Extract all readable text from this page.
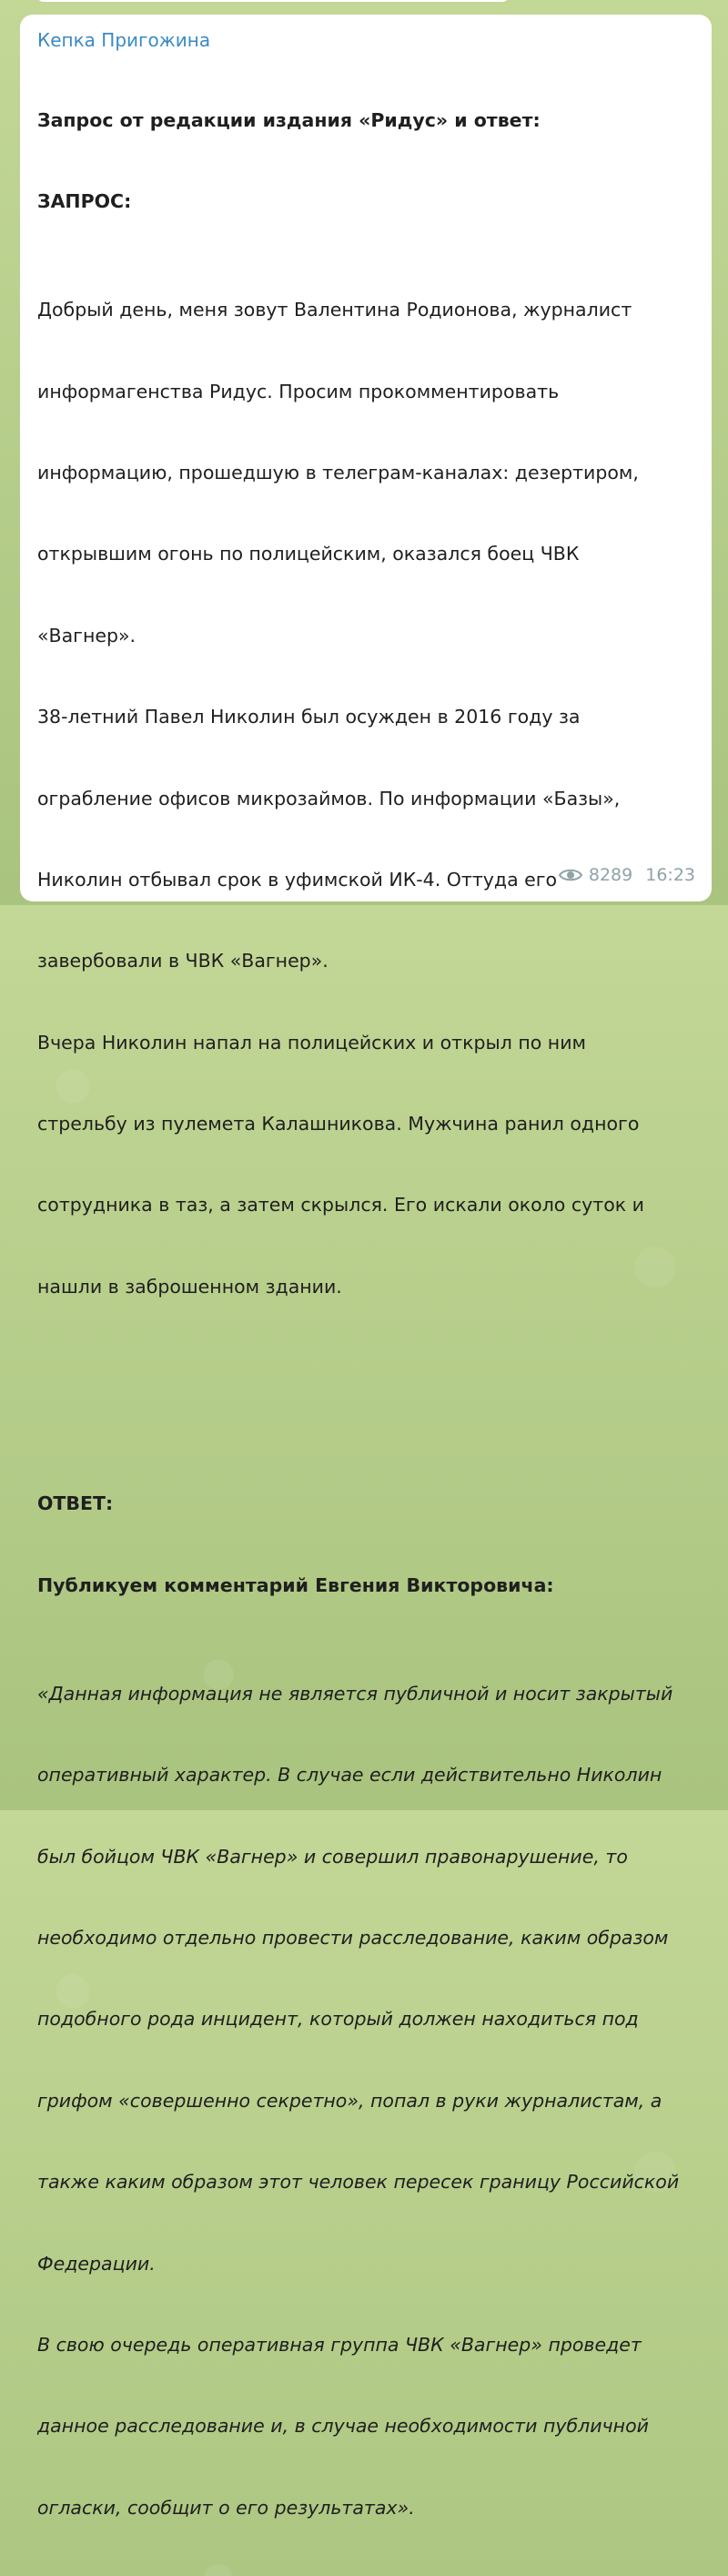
Кепка Пригожина

Запрос от редакции издания «Ридус» и ответ:

ЗАПРОС:

Добрый день, меня зовут Валентина Родионова, журналист

информагенства Ридус. Просим прокомментировать

информацию, прошедшую в телеграм-каналах: дезертиром,

открывшим огонь по полицейским, оказался боец ЧВК

«Вагнер».

38-летний Павел Николин был осужден в 2016 году за

ограбление офисов микрозаймов. По информации «Базы»,

Николин отбывал срок в уфимской ИК-4. Оттуда его

завербовали в ЧВК «Вагнер».

Вчера Николин напал на полицейских и открыл по ним

стрельбу из пулемета Калашникова. Мужчина ранил одного

сотрудника в таз, а затем скрылся. Его искали около суток и

нашли в заброшенном здании.

ОТВЕТ:

Публикуем комментарий Евгения Викторовича:

«Данная информация не является публичной и носит закрытый

оперативный характер. В случае если действительно Николин

был бойцом ЧВК «Вагнер» и совершил правонарушение, то

необходимо отдельно провести расследование, каким образом

подобного рода инцидент, который должен находиться под

грифом «совершенно секретно», попал в руки журналистам, а

также каким образом этот человек пересек границу Российской

Федерации.

В свою очередь оперативная группа ЧВК «Вагнер» проведет

данное расследование и, в случае необходимости публичной

огласки, сообщит о его результатах».

8289 16:23
